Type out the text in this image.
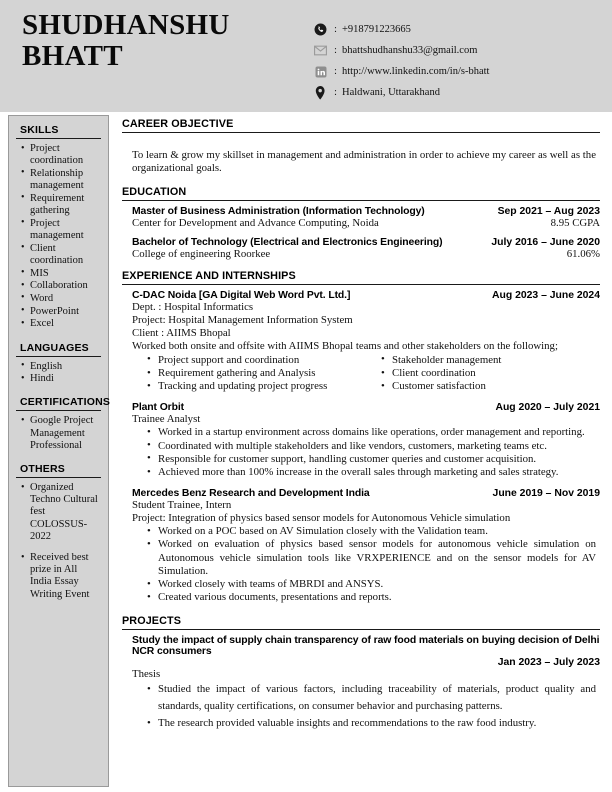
SHUDHANSHU
BHATT
: +918791223665
: bhattshudhanshu33@gmail.com
: http://www.linkedin.com/in/s-bhatt
: Haldwani, Uttarakhand
SKILLS
• Project coordination
• Relationship management
• Requirement gathering
• Project management
• Client coordination
• MIS
• Collaboration
• Word
• PowerPoint
• Excel
LANGUAGES
• English
• Hindi
CERTIFICATIONS
• Google Project Management Professional
OTHERS
• Organized Techno Cultural fest COLOSSUS-2022
• Received best prize in All India Essay Writing Event
CAREER OBJECTIVE

To learn & grow my skillset in management and administration in order to achieve my career as well as the organizational goals.

EDUCATION
Master of Business Administration (Information Technology)	Sep 2021 – Aug 2023
Center for Development and Advance Computing, Noida	8.95 CGPA
Bachelor of Technology (Electrical and Electronics Engineering)	July 2016 – June 2020
College of engineering Roorkee	61.06%
EXPERIENCE AND INTERNSHIPS
C-DAC Noida [GA Digital Web Word Pvt. Ltd.]	Aug 2023 – June 2024
Dept. : Hospital Informatics
Project: Hospital Management Information System
Client : AIIMS Bhopal
Worked both onsite and offsite with AIIMS Bhopal teams and other stakeholders on the following;
• Project support and coordination
• Requirement gathering and Analysis
• Tracking and updating project progress
• Stakeholder management
• Client coordination
• Customer satisfaction
Plant Orbit	Aug 2020 – July 2021
Trainee Analyst
• Worked in a startup environment across domains like operations, order management and reporting.
• Coordinated with multiple stakeholders and like vendors, customers, marketing teams etc.
• Responsible for customer support, handling customer queries and customer acquisition.
• Achieved more than 100% increase in the overall sales through marketing and sales strategy.
Mercedes Benz Research and Development India	June 2019 – Nov 2019
Student Trainee, Intern
Project: Integration of physics based sensor models for Autonomous Vehicle simulation
• Worked on a POC based on AV Simulation closely with the Validation team.
• Worked on evaluation of physics based sensor models for autonomous vehicle simulation on Autonomous vehicle simulation tools like VRXPERIENCE and on the sensor models for AV Simulation.
• Worked closely with teams of MBRDI and ANSYS.
• Created various documents, presentations and reports.
PROJECTS
Study the impact of supply chain transparency of raw food materials on buying decision of Delhi NCR consumers
Jan 2023 – July 2023
Thesis
• Studied the impact of various factors, including traceability of materials, product quality and standards, quality certifications, on consumer behavior and purchasing patterns.
• The research provided valuable insights and recommendations to the raw food industry.
